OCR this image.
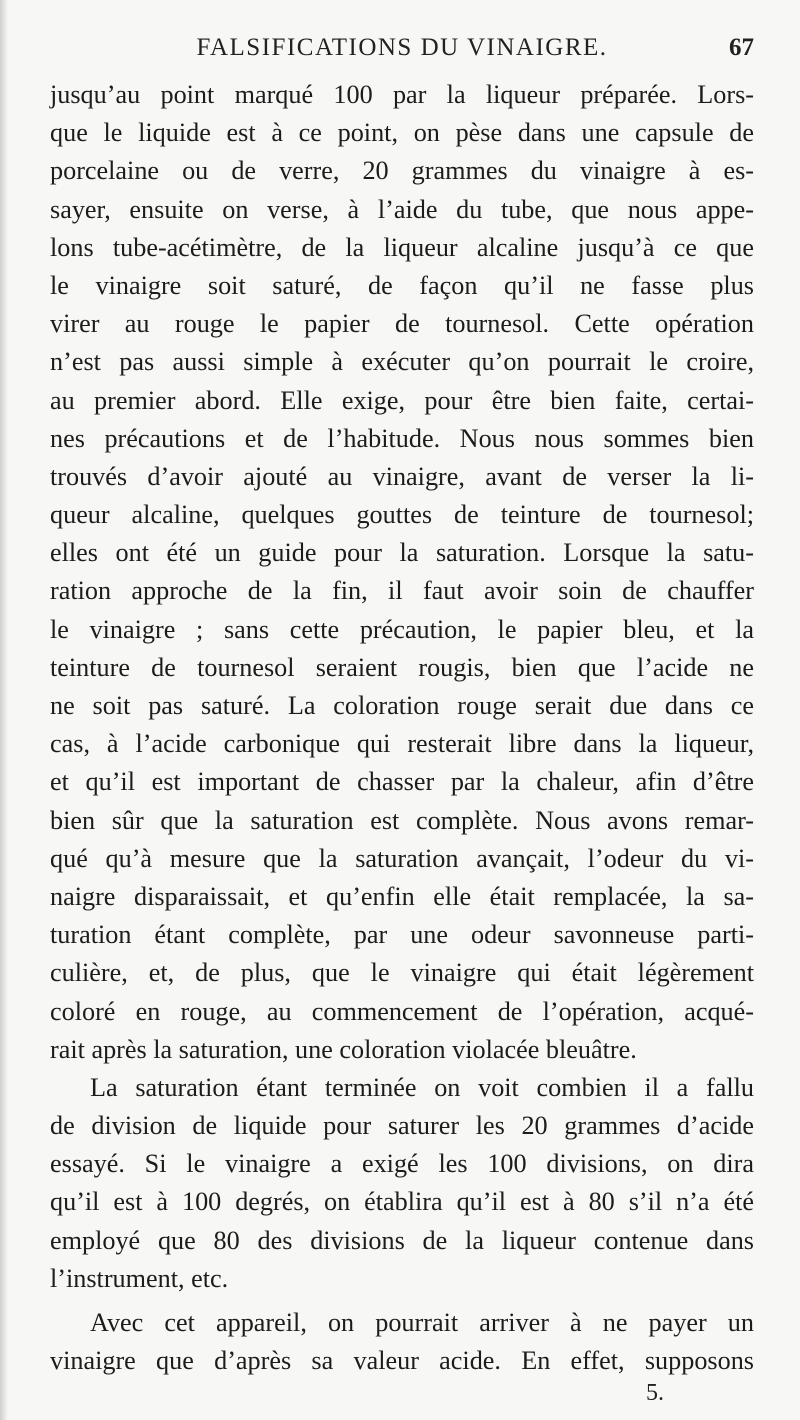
FALSIFICATIONS DU VINAIGRE.	67
jusqu’au point marqué 100 par la liqueur préparée. Lors-
que le liquide est à ce point, on pèse dans une capsule de
porcelaine ou de verre, 20 grammes du vinaigre à es-
sayer, ensuite on verse, à l’aide du tube, que nous appe-
lons tube-acétimètre, de la liqueur alcaline jusqu’à ce que
le vinaigre soit saturé, de façon qu’il ne fasse plus
virer au rouge le papier de tournesol. Cette opération
n’est pas aussi simple à exécuter qu’on pourrait le croire,
au premier abord. Elle exige, pour être bien faite, certai-
nes précautions et de l’habitude. Nous nous sommes bien
trouvés d’avoir ajouté au vinaigre, avant de verser la li-
queur alcaline, quelques gouttes de teinture de tournesol;
elles ont été un guide pour la saturation. Lorsque la satu-
ration approche de la fin, il faut avoir soin de chauffer
le vinaigre ; sans cette précaution, le papier bleu, et la
teinture de tournesol seraient rougis, bien que l’acide ne
ne soit pas saturé. La coloration rouge serait due dans ce
cas, à l’acide carbonique qui resterait libre dans la liqueur,
et qu’il est important de chasser par la chaleur, afin d’être
bien sûr que la saturation est complète. Nous avons remar-
qué qu’à mesure que la saturation avançait, l’odeur du vi-
naigre disparaissait, et qu’enfin elle était remplacée, la sa-
turation étant complète, par une odeur savonneuse parti-
culière, et, de plus, que le vinaigre qui était légèrement
coloré en rouge, au commencement de l’opération, acqué-
rait après la saturation, une coloration violacée bleuâtre.
La saturation étant terminée on voit combien il a fallu
de division de liquide pour saturer les 20 grammes d’acide
essayé. Si le vinaigre a exigé les 100 divisions, on dira
qu’il est à 100 degrés, on établira qu’il est à 80 s’il n’a été
employé que 80 des divisions de la liqueur contenue dans
l’instrument, etc.
Avec cet appareil, on pourrait arriver à ne payer un
vinaigre que d’après sa valeur acide. En effet, supposons
5.
